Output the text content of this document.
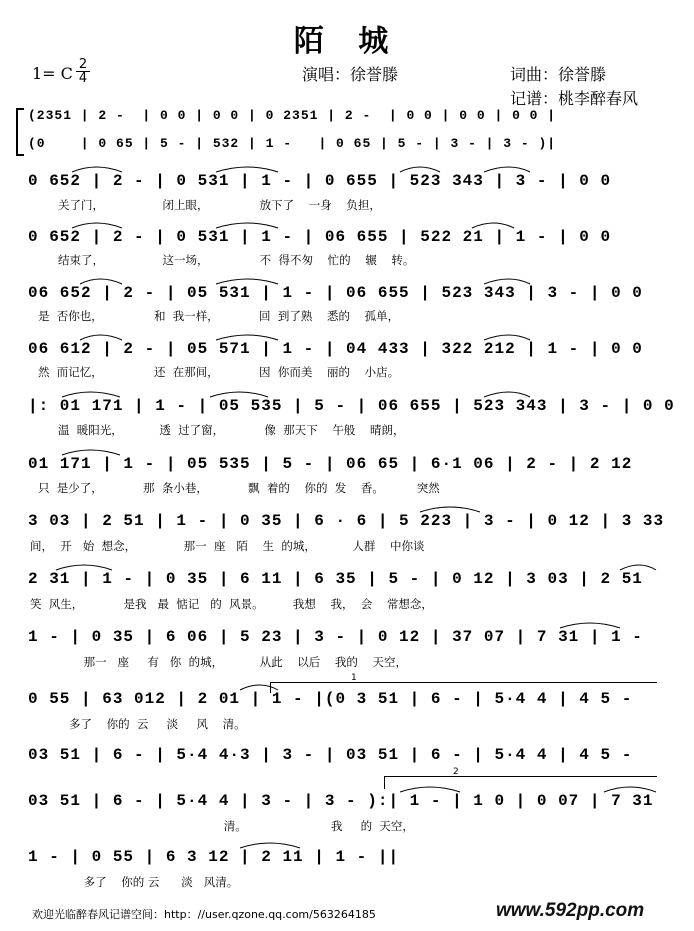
陌 城
1= C $\frac{2}{4}$	演唱：徐誉滕	词曲：徐誉滕
记谱：桃李醉春风
(2351 | 2 -  | 0 0 | 0 0 | 0 2351 | 2 -  | 0 0 | 0 0 | 0 0 |
(0    | 0 65 | 5 - | 532 | 1 -   | 0 65 | 5 - | 3 - | 3 - )|
0 652 | 2 - | 0 531 | 1 - | 0 655 | 523 343 | 3 - | 0 0
关了门，                闭上眼，              放下了    一身    负担，
0 652 | 2 - | 0 531 | 1 - | 06 655 | 522 21 | 1 - | 0 0
结束了，                这一场，              不  得不匆    忙的    辗    转。
06 652 | 2 - | 05 531 | 1 - | 06 655 | 523 343 | 3 - | 0 0
是  否你也，              和  我一样，           回  到了熟    悉的    孤单，
06 612 | 2 - | 05 571 | 1 - | 04 433 | 322 212 | 1 - | 0 0
然  而记忆，              还  在那间，           因  你而美    丽的    小店。
|: 01 171 | 1 - | 05 535 | 5 - | 06 655 | 523 343 | 3 - | 0 0
温  暖阳光，          透  过了窗，           像  那天下    午般    晴朗，
01 171 | 1 - | 05 535 | 5 - | 06 65 | 6·1 06 | 2 - | 2 12
只  是少了，           那  条小巷，           飘  着的    你的  发    香。         突然
3 03 | 2 51 | 1 - | 0 35 | 6 · 6 | 5 223 | 3 - | 0 12 | 3 33
间，  开   始  想念，             那一  座   陌    生  的城，          人群    中你谈
2 31 | 1 - | 0 35 | 6 11 | 6 35 | 5 - | 0 12 | 3 03 | 2 51
笑  风生，           是我   最  惦记   的  风景。        我想    我，  会    常想念，
1 - | 0 35 | 6 06 | 5 23 | 3 - | 0 12 | 37 07 | 7 31 | 1 -
那一   座     有   你  的城，          从此    以后    我的    天空，
1
0 55 | 63 012 | 2 01 | 1 - |(0 3 51 | 6 - | 5·4 4 | 4 5 -
多了    你的  云     淡     风    清。
03 51 | 6 - | 5·4 4·3 | 3 - | 03 51 | 6 - | 5·4 4 | 4 5 -
2
03 51 | 6 - | 5·4 4 | 3 - | 3 - ):| 1 - | 1 0 | 0 07 | 7 31
清。                       我     的  天空，
1 - | 0 55 | 6 3 12 | 2 11 | 1 - ||
多了    你的 云      淡   风清。
欢迎光临醉春风记谱空间：http：//user.qzone.qq.com/563264185	www.592pp.com
